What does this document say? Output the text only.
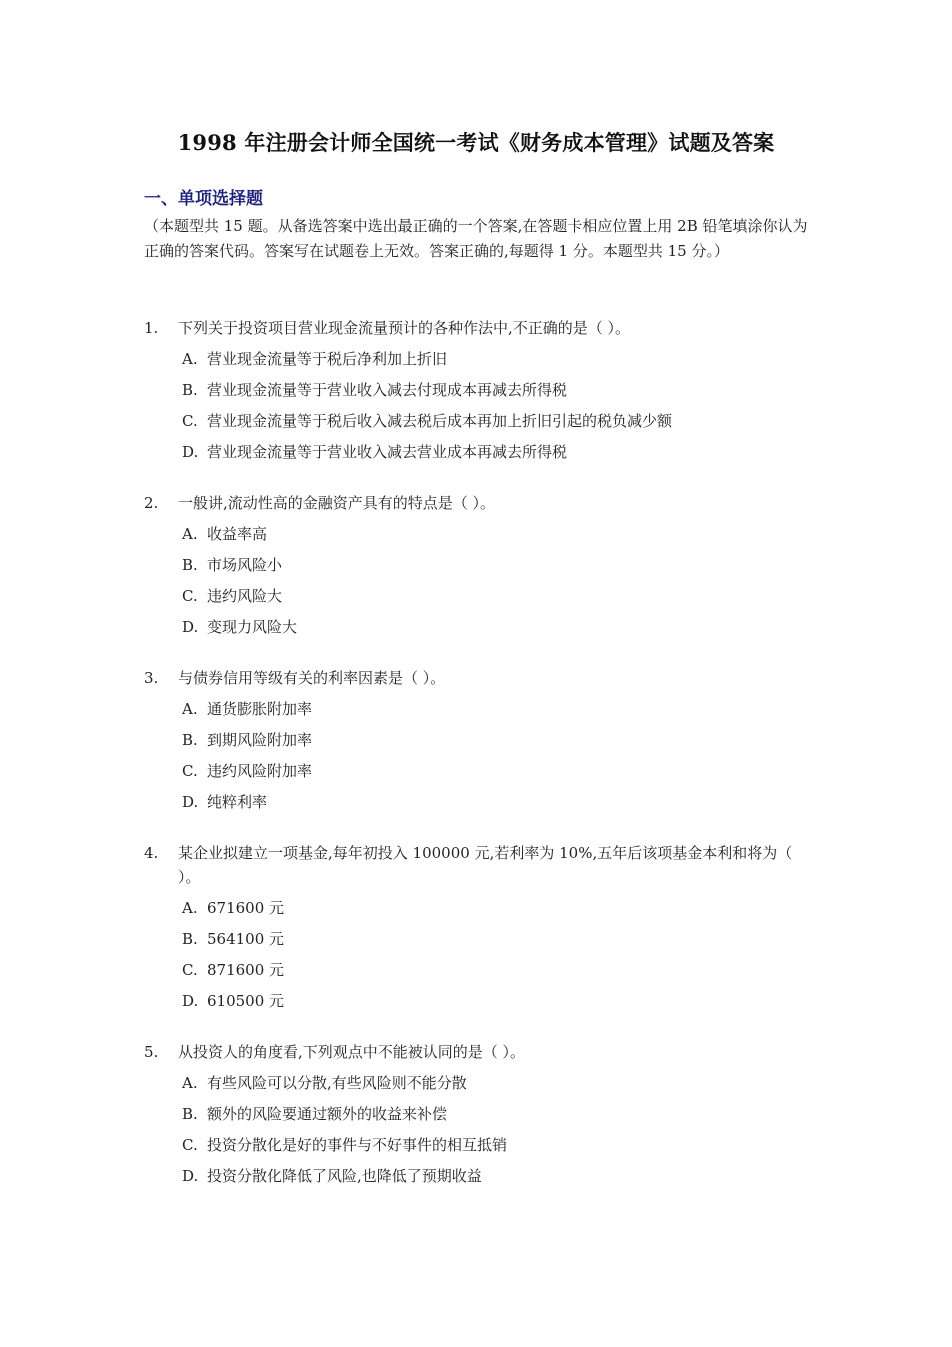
1998 年注册会计师全国统一考试《财务成本管理》试题及答案
一、单项选择题
（本题型共 15 题。从备选答案中选出最正确的一个答案,在答题卡相应位置上用 2B 铅笔填涂你认为正确的答案代码。答案写在试题卷上无效。答案正确的,每题得 1 分。本题型共 15 分。）
1. 下列关于投资项目营业现金流量预计的各种作法中,不正确的是（ ）。
A. 营业现金流量等于税后净利加上折旧
B. 营业现金流量等于营业收入减去付现成本再减去所得税
C. 营业现金流量等于税后收入减去税后成本再加上折旧引起的税负减少额
D. 营业现金流量等于营业收入减去营业成本再减去所得税
2. 一般讲,流动性高的金融资产具有的特点是（ ）。
A. 收益率高
B. 市场风险小
C. 违约风险大
D. 变现力风险大
3. 与债券信用等级有关的利率因素是（ ）。
A. 通货膨胀附加率
B. 到期风险附加率
C. 违约风险附加率
D. 纯粹利率
4. 某企业拟建立一项基金,每年初投入 100000 元,若利率为 10%,五年后该项基金本利和将为（ ）。
A. 671600 元
B. 564100 元
C. 871600 元
D. 610500 元
5. 从投资人的角度看,下列观点中不能被认同的是（ ）。
A. 有些风险可以分散,有些风险则不能分散
B. 额外的风险要通过额外的收益来补偿
C. 投资分散化是好的事件与不好事件的相互抵销
D. 投资分散化降低了风险,也降低了预期收益
